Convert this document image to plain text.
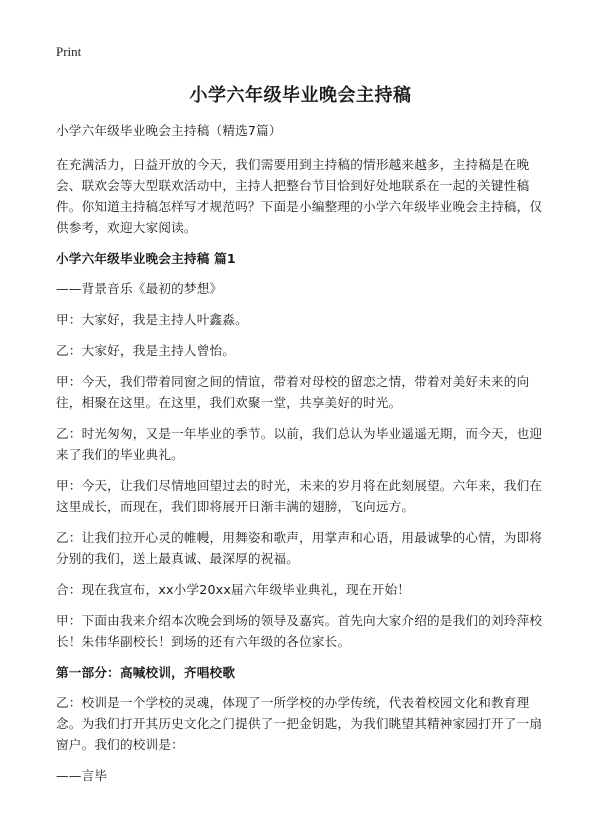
Print
小学六年级毕业晚会主持稿

小学六年级毕业晚会主持稿（精选7篇）

在充满活力，日益开放的今天，我们需要用到主持稿的情形越来越多，主持稿是在晚会、联欢会等大型联欢活动中，主持人把整台节目恰到好处地联系在一起的关键性稿件。你知道主持稿怎样写才规范吗？下面是小编整理的小学六年级毕业晚会主持稿，仅供参考，欢迎大家阅读。

小学六年级毕业晚会主持稿 篇1

——背景音乐《最初的梦想》

甲：大家好，我是主持人叶鑫淼。

乙：大家好，我是主持人曾怡。

甲：今天，我们带着同窗之间的情谊，带着对母校的留恋之情，带着对美好未来的向往，相聚在这里。在这里，我们欢聚一堂，共享美好的时光。

乙：时光匆匆，又是一年毕业的季节。以前，我们总认为毕业遥遥无期，而今天，也迎来了我们的毕业典礼。

甲：今天，让我们尽情地回望过去的时光，未来的岁月将在此刻展望。六年来，我们在这里成长，而现在，我们即将展开日渐丰满的翅膀，飞向远方。

乙：让我们拉开心灵的帷幔，用舞姿和歌声，用掌声和心语，用最诚挚的心情，为即将分别的我们，送上最真诚、最深厚的祝福。

合：现在我宣布，xx小学20xx届六年级毕业典礼，现在开始！

甲：下面由我来介绍本次晚会到场的领导及嘉宾。首先向大家介绍的是我们的刘玲萍校长！朱伟华副校长！到场的还有六年级的各位家长。

第一部分：高喊校训，齐唱校歌

乙：校训是一个学校的灵魂，体现了一所学校的办学传统，代表着校园文化和教育理念。为我们打开其历史文化之门提供了一把金钥匙，为我们眺望其精神家园打开了一扇窗户。我们的校训是：

——言毕
